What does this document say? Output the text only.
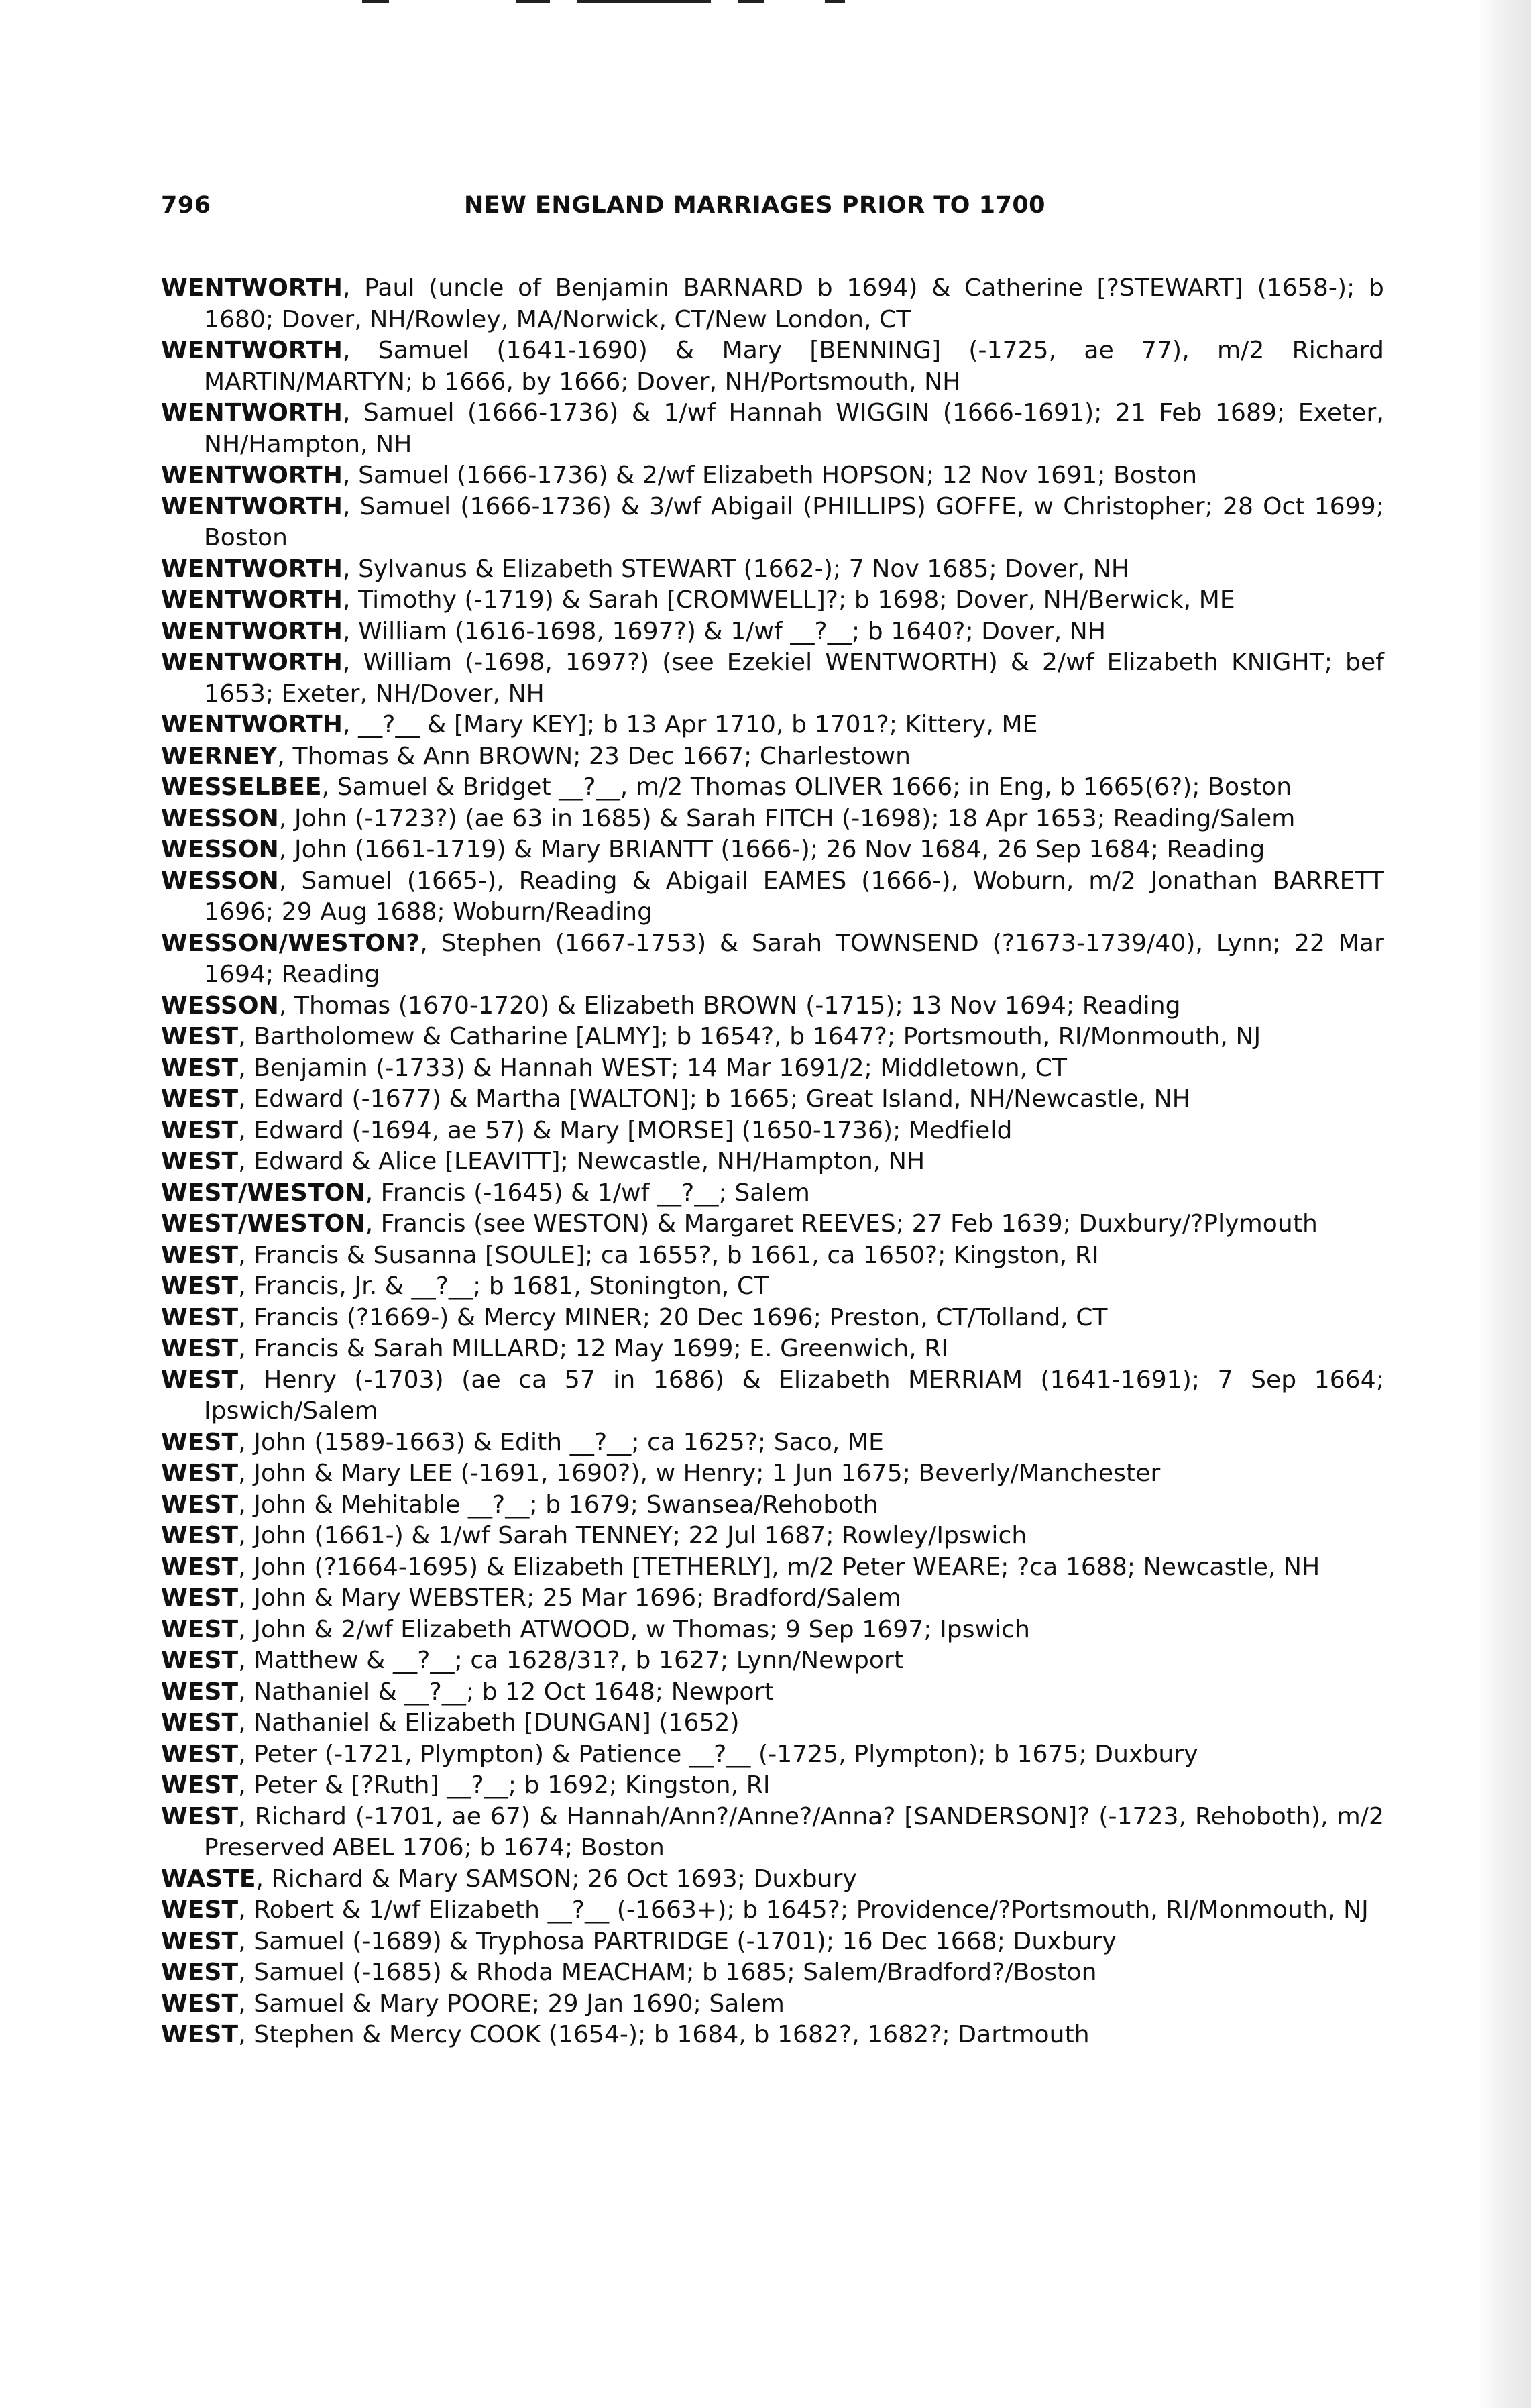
796	NEW ENGLAND MARRIAGES PRIOR TO 1700
WENTWORTH, Paul (uncle of Benjamin BARNARD b 1694) & Catherine [?STEWART] (1658-); b 1680; Dover, NH/Rowley, MA/Norwick, CT/New London, CT
WENTWORTH, Samuel (1641-1690) & Mary [BENNING] (-1725, ae 77), m/2 Richard MARTIN/MARTYN; b 1666, by 1666; Dover, NH/Portsmouth, NH
WENTWORTH, Samuel (1666-1736) & 1/wf Hannah WIGGIN (1666-1691); 21 Feb 1689; Exeter, NH/Hampton, NH
WENTWORTH, Samuel (1666-1736) & 2/wf Elizabeth HOPSON; 12 Nov 1691; Boston
WENTWORTH, Samuel (1666-1736) & 3/wf Abigail (PHILLIPS) GOFFE, w Christopher; 28 Oct 1699; Boston
WENTWORTH, Sylvanus & Elizabeth STEWART (1662-); 7 Nov 1685; Dover, NH
WENTWORTH, Timothy (-1719) & Sarah [CROMWELL]?; b 1698; Dover, NH/Berwick, ME
WENTWORTH, William (1616-1698, 1697?) & 1/wf __?__; b 1640?; Dover, NH
WENTWORTH, William (-1698, 1697?) (see Ezekiel WENTWORTH) & 2/wf Elizabeth KNIGHT; bef 1653; Exeter, NH/Dover, NH
WENTWORTH, __?__ & [Mary KEY]; b 13 Apr 1710, b 1701?; Kittery, ME
WERNEY, Thomas & Ann BROWN; 23 Dec 1667; Charlestown
WESSELBEE, Samuel & Bridget __?__, m/2 Thomas OLIVER 1666; in Eng, b 1665(6?); Boston
WESSON, John (-1723?) (ae 63 in 1685) & Sarah FITCH (-1698); 18 Apr 1653; Reading/Salem
WESSON, John (1661-1719) & Mary BRIANTT (1666-); 26 Nov 1684, 26 Sep 1684; Reading
WESSON, Samuel (1665-), Reading & Abigail EAMES (1666-), Woburn, m/2 Jonathan BARRETT 1696; 29 Aug 1688; Woburn/Reading
WESSON/WESTON?, Stephen (1667-1753) & Sarah TOWNSEND (?1673-1739/40), Lynn; 22 Mar 1694; Reading
WESSON, Thomas (1670-1720) & Elizabeth BROWN (-1715); 13 Nov 1694; Reading
WEST, Bartholomew & Catharine [ALMY]; b 1654?, b 1647?; Portsmouth, RI/Monmouth, NJ
WEST, Benjamin (-1733) & Hannah WEST; 14 Mar 1691/2; Middletown, CT
WEST, Edward (-1677) & Martha [WALTON]; b 1665; Great Island, NH/Newcastle, NH
WEST, Edward (-1694, ae 57) & Mary [MORSE] (1650-1736); Medfield
WEST, Edward & Alice [LEAVITT]; Newcastle, NH/Hampton, NH
WEST/WESTON, Francis (-1645) & 1/wf __?__; Salem
WEST/WESTON, Francis (see WESTON) & Margaret REEVES; 27 Feb 1639; Duxbury/?Plymouth
WEST, Francis & Susanna [SOULE]; ca 1655?, b 1661, ca 1650?; Kingston, RI
WEST, Francis, Jr. & __?__; b 1681, Stonington, CT
WEST, Francis (?1669-) & Mercy MINER; 20 Dec 1696; Preston, CT/Tolland, CT
WEST, Francis & Sarah MILLARD; 12 May 1699; E. Greenwich, RI
WEST, Henry (-1703) (ae ca 57 in 1686) & Elizabeth MERRIAM (1641-1691); 7 Sep 1664; Ipswich/Salem
WEST, John (1589-1663) & Edith __?__; ca 1625?; Saco, ME
WEST, John & Mary LEE (-1691, 1690?), w Henry; 1 Jun 1675; Beverly/Manchester
WEST, John & Mehitable __?__; b 1679; Swansea/Rehoboth
WEST, John (1661-) & 1/wf Sarah TENNEY; 22 Jul 1687; Rowley/Ipswich
WEST, John (?1664-1695) & Elizabeth [TETHERLY], m/2 Peter WEARE; ?ca 1688; Newcastle, NH
WEST, John & Mary WEBSTER; 25 Mar 1696; Bradford/Salem
WEST, John & 2/wf Elizabeth ATWOOD, w Thomas; 9 Sep 1697; Ipswich
WEST, Matthew & __?__; ca 1628/31?, b 1627; Lynn/Newport
WEST, Nathaniel & __?__; b 12 Oct 1648; Newport
WEST, Nathaniel & Elizabeth [DUNGAN] (1652)
WEST, Peter (-1721, Plympton) & Patience __?__ (-1725, Plympton); b 1675; Duxbury
WEST, Peter & [?Ruth] __?__; b 1692; Kingston, RI
WEST, Richard (-1701, ae 67) & Hannah/Ann?/Anne?/Anna? [SANDERSON]? (-1723, Rehoboth), m/2 Preserved ABEL 1706; b 1674; Boston
WASTE, Richard & Mary SAMSON; 26 Oct 1693; Duxbury
WEST, Robert & 1/wf Elizabeth __?__ (-1663+); b 1645?; Providence/?Portsmouth, RI/Monmouth, NJ
WEST, Samuel (-1689) & Tryphosa PARTRIDGE (-1701); 16 Dec 1668; Duxbury
WEST, Samuel (-1685) & Rhoda MEACHAM; b 1685; Salem/Bradford?/Boston
WEST, Samuel & Mary POORE; 29 Jan 1690; Salem
WEST, Stephen & Mercy COOK (1654-); b 1684, b 1682?, 1682?; Dartmouth
